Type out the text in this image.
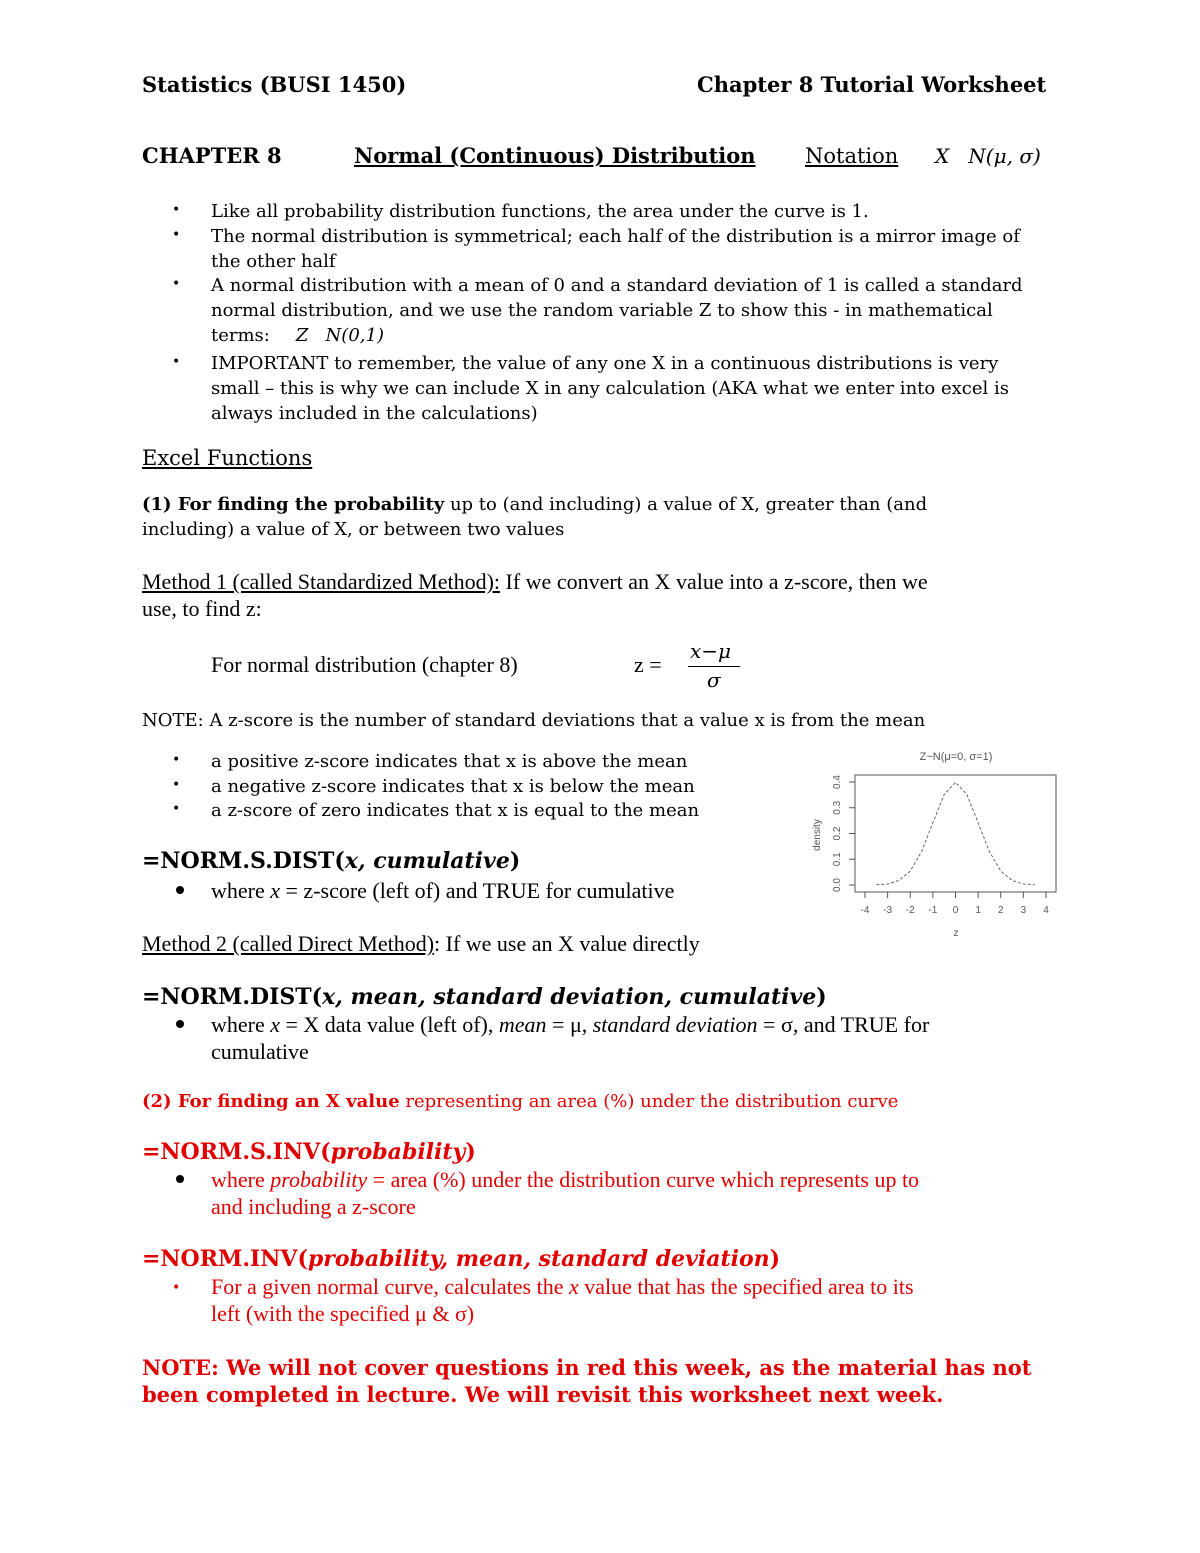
Statistics (BUSI 1450)	Chapter 8 Tutorial Worksheet
CHAPTER 8	Normal (Continuous) Distribution Notation X   N(μ, σ)
• Like all probability distribution functions, the area under the curve is 1.
• The normal distribution is symmetrical; each half of the distribution is a mirror image of
the other half
• A normal distribution with a mean of 0 and a standard deviation of 1 is called a standard
normal distribution, and we use the random variable Z to show this - in mathematical
terms: Z   N(0,1)
• IMPORTANT to remember, the value of any one X in a continuous distributions is very
small – this is why we can include X in any calculation (AKA what we enter into excel is
always included in the calculations)
Excel Functions
(1) For finding the probability up to (and including) a value of X, greater than (and
including) a value of X, or between two values
Method 1 (called Standardized Method): If we convert an X value into a z-score, then we
use, to find z:
For normal distribution (chapter 8)	z =
x−μ
σ
NOTE: A z-score is the number of standard deviations that a value x is from the mean
• a positive z-score indicates that x is above the mean
• a negative z-score indicates that x is below the mean
• a z-score of zero indicates that x is equal to the mean
=NORM.S.DIST(x, cumulative)
where x = z-score (left of) and TRUE for cumulative
Method 2 (called Direct Method): If we use an X value directly
=NORM.DIST(x, mean, standard deviation, cumulative)
where x = X data value (left of), mean = μ, standard deviation = σ, and TRUE for
cumulative
(2) For finding an X value representing an area (%) under the distribution curve
=NORM.S.INV(probability)
where probability = area (%) under the distribution curve which represents up to
and including a z-score
=NORM.INV(probability, mean, standard deviation)
• For a given normal curve, calculates the x value that has the specified area to its
left (with the specified μ & σ)
NOTE: We will not cover questions in red this week, as the material has not
been completed in lecture. We will revisit this worksheet next week.
Z~N(μ=0, σ=1)
-4 -3 -2 -1 0 1 2 3 4
0.0
0.1
0.2
0.3
0.4
density
z
